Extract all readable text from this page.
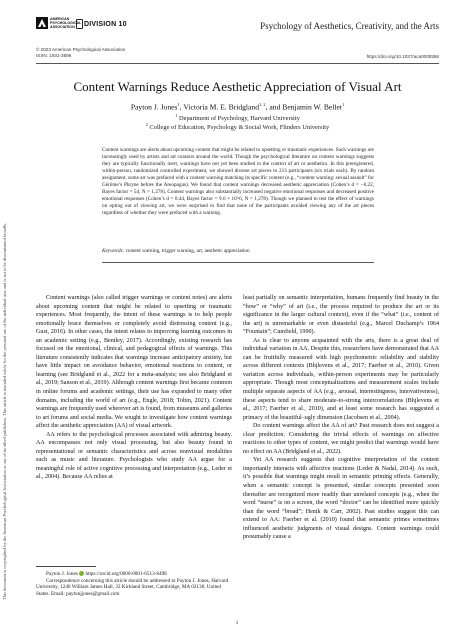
This document is copyrighted by the American Psychological Association or one of its allied publishers. This article is intended solely for the personal use of the individual user and is not to be disseminated broadly.
AMERICAN PSYCHOLOGICAL ASSOCIATION	DIVISION 10	Psychology of Aesthetics, Creativity, and the Arts
© 2023 American Psychological Association
ISSN: 1931-3896	https://doi.org/10.1037/aca0000556
Content Warnings Reduce Aesthetic Appreciation of Visual Art
Payton J. Jones$^1$, Victoria M. E. Bridgland$^{1, 2}$, and Benjamin W. Bellet$^1$
$^1$ Department of Psychology, Harvard University
$^2$ College of Education, Psychology & Social Work, Flinders University
Content warnings are alerts about upcoming content that might be related to upsetting or traumatic experiences. Such warnings are increasingly used by artists and art curators around the world. Though the psychological literature on content warnings suggests they are typically functionally inert, warnings have not yet been studied in the context of art or aesthetics. In this preregistered, within-person, randomized controlled experiment, we showed diverse art pieces to 213 participants (six trials each). By random assignment, some art was prefaced with a content warning matching its specific content (e.g., “content warning: sexual assault” for Gérôme’s Phryne before the Areopagus). We found that content warnings decreased aesthetic appreciation (Cohen’s d = −0.22, Bayes factor = 54, N = 1,278). Content warnings also substantially increased negative emotional responses and decreased positive emotional responses (Cohen’s d = 0.44, Bayes factor = 9.6 × 10^6, N = 1,278). Though we planned to test the effect of warnings on opting out of viewing art, we were surprised to find that none of the participants avoided viewing any of the art pieces regardless of whether they were prefaced with a warning.
Keywords: content warning, trigger warning, art, aesthetic appreciation

Content warnings (also called trigger warnings or content notes) are alerts about upcoming content that might be related to upsetting or traumatic experiences. Most frequently, the intent of these warnings is to help people emotionally brace themselves or completely avoid distressing content (e.g., Gust, 2016). In other cases, the intent relates to improving learning outcomes in an academic setting (e.g., Bentley, 2017). Accordingly, existing research has focused on the emotional, clinical, and pedagogical effects of warnings. This literature consistently indicates that warnings increase anticipatory anxiety, but have little impact on avoidance behavior, emotional reactions to content, or learning (see Bridgland et al., 2022 for a meta-analysis; see also Bridgland et al., 2019; Sanson et al., 2019). Although content warnings first became common in online forums and academic settings, their use has expanded to many other domains, including the world of art (e.g., Engle, 2018; Tobin, 2021). Content warnings are frequently used wherever art is found, from museums and galleries to art forums and social media. We sought to investigate how content warnings affect the aesthetic appreciation (AA) of visual artwork.

AA refers to the psychological processes associated with admiring beauty. AA encompasses not only visual processing, but also beauty found in representational or semantic characteristics and across nonvisual modalities such as music and literature. Psychologists who study AA argue for a meaningful role of active cognitive processing and interpretation (e.g., Leder et al., 2004). Because AA relies at

least partially on semantic interpretation, humans frequently find beauty in the “how” or “why” of art (i.e., the process required to produce the art or its significance in the larger cultural context), even if the “what” (i.e., content of the art) is unremarkable or even distasteful (e.g., Marcel Duchamp’s 1964 “Fountain”; Cumfield, 1990).

As is clear to anyone acquainted with the arts, there is a great deal of individual variation in AA. Despite this, researchers have demonstrated that AA can be fruitfully measured with high psychometric reliability and stability across different contexts (Bhjlevens et al., 2017; Faerber et al., 2010). Given variation across individuals, within-person experiments may be particularly appropriate. Though most conceptualizations and measurement scales include multiple separate aspects of AA (e.g., arousal, interestingness, innovativeness), these aspects tend to share moderate-to-strong intercorrelations (Bhjlevens et al., 2017; Faerber et al., 2010), and at least some research has suggested a primacy of the beautiful–ugly dimension (Jacobsen et al., 2004).

Do content warnings affect the AA of art? Past research does not suggest a clear prediction. Considering the trivial effects of warnings on affective reactions to other types of content, we might predict that warnings would have no effect on AA (Bridgland et al., 2022).

Yet AA research suggests that cognitive interpretation of the content importantly interacts with affective reactions (Leder & Nadal, 2014). As such, it’s possible that warnings might result in semantic priming effects. Generally, when a semantic concept is presented, similar concepts presented soon thereafter are recognized more readily than unrelated concepts (e.g., when the word “nurse” is on a screen, the word “doctor” can be identified more quickly than the word “bread”; Henik & Carr, 2002). Past studies suggest this can extend to AA: Faerber et al. (2010) found that semantic primes sometimes influenced aesthetic judgments of visual designs. Content warnings could presumably cause a

Payton J. Jones https://orcid.org/0000-0001-6513-8498
Correspondence concerning this article should be addressed to Payton J. Jones, Harvard University, 1240 William James Hall, 33 Kirkland Street, Cambridge, MA 02138, United States. Email: paytonjjones@gmail.com
1
